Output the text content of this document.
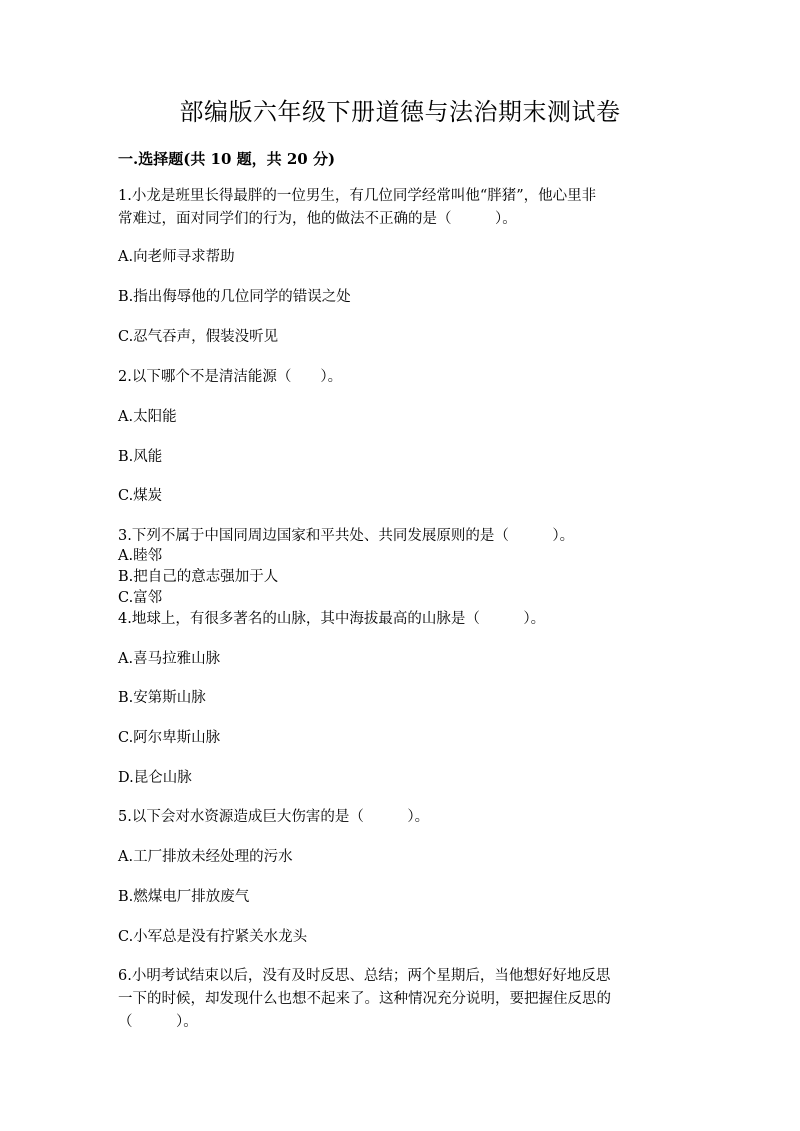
部编版六年级下册道德与法治期末测试卷
一.选择题(共 10 题，共 20 分)
1.小龙是班里长得最胖的一位男生，有几位同学经常叫他“胖猪”，他心里非
常难过，面对同学们的行为，他的做法不正确的是（　　　）。
A.向老师寻求帮助
B.指出侮辱他的几位同学的错误之处
C.忍气吞声，假装没听见
2.以下哪个不是清洁能源（　　）。
A.太阳能
B.风能
C.煤炭
3.下列不属于中国同周边国家和平共处、共同发展原则的是（　　　）。
A.睦邻
B.把自己的意志强加于人
C.富邻
4.地球上，有很多著名的山脉，其中海拔最高的山脉是（　　　）。
A.喜马拉雅山脉
B.安第斯山脉
C.阿尔卑斯山脉
D.昆仑山脉
5.以下会对水资源造成巨大伤害的是（　　　）。
A.工厂排放未经处理的污水
B.燃煤电厂排放废气
C.小军总是没有拧紧关水龙头
6.小明考试结束以后，没有及时反思、总结；两个星期后，当他想好好地反思
一下的时候，却发现什么也想不起来了。这种情况充分说明，要把握住反思的
（　　　）。
